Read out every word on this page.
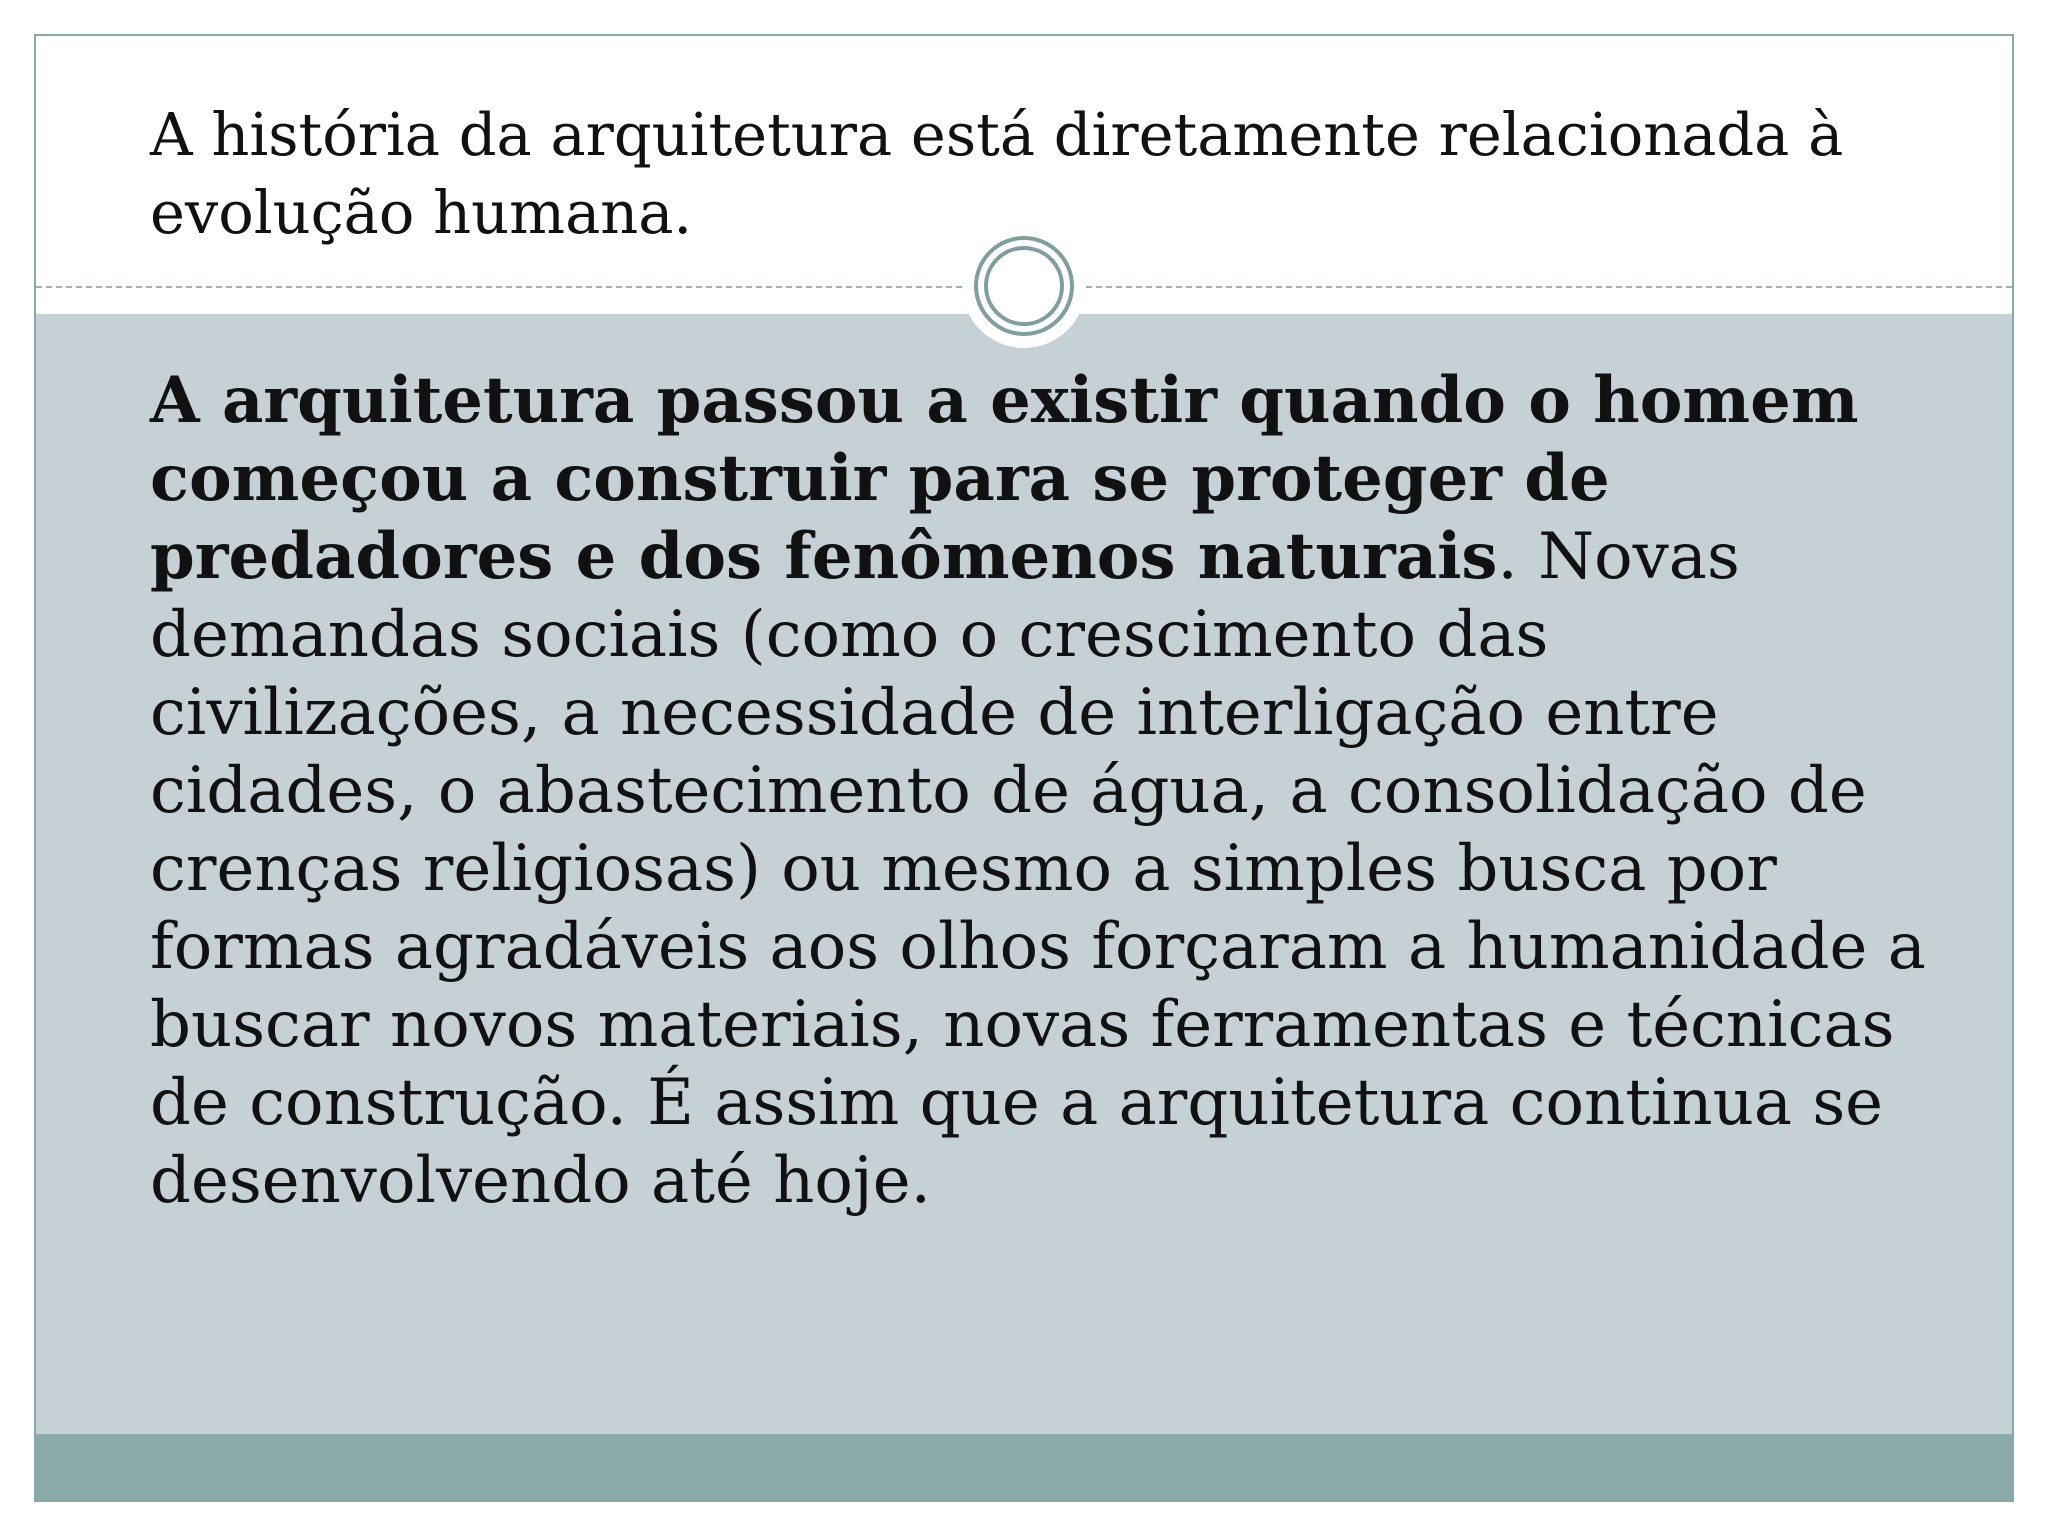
A história da arquitetura está diretamente relacionada à evolução humana.

A arquitetura passou a existir quando o homem começou a construir para se proteger de predadores e dos fenômenos naturais. Novas demandas sociais (como o crescimento das civilizações, a necessidade de interligação entre cidades, o abastecimento de água, a consolidação de crenças religiosas) ou mesmo a simples busca por formas agradáveis aos olhos forçaram a humanidade a buscar novos materiais, novas ferramentas e técnicas de construção. É assim que a arquitetura continua se desenvolvendo até hoje.
